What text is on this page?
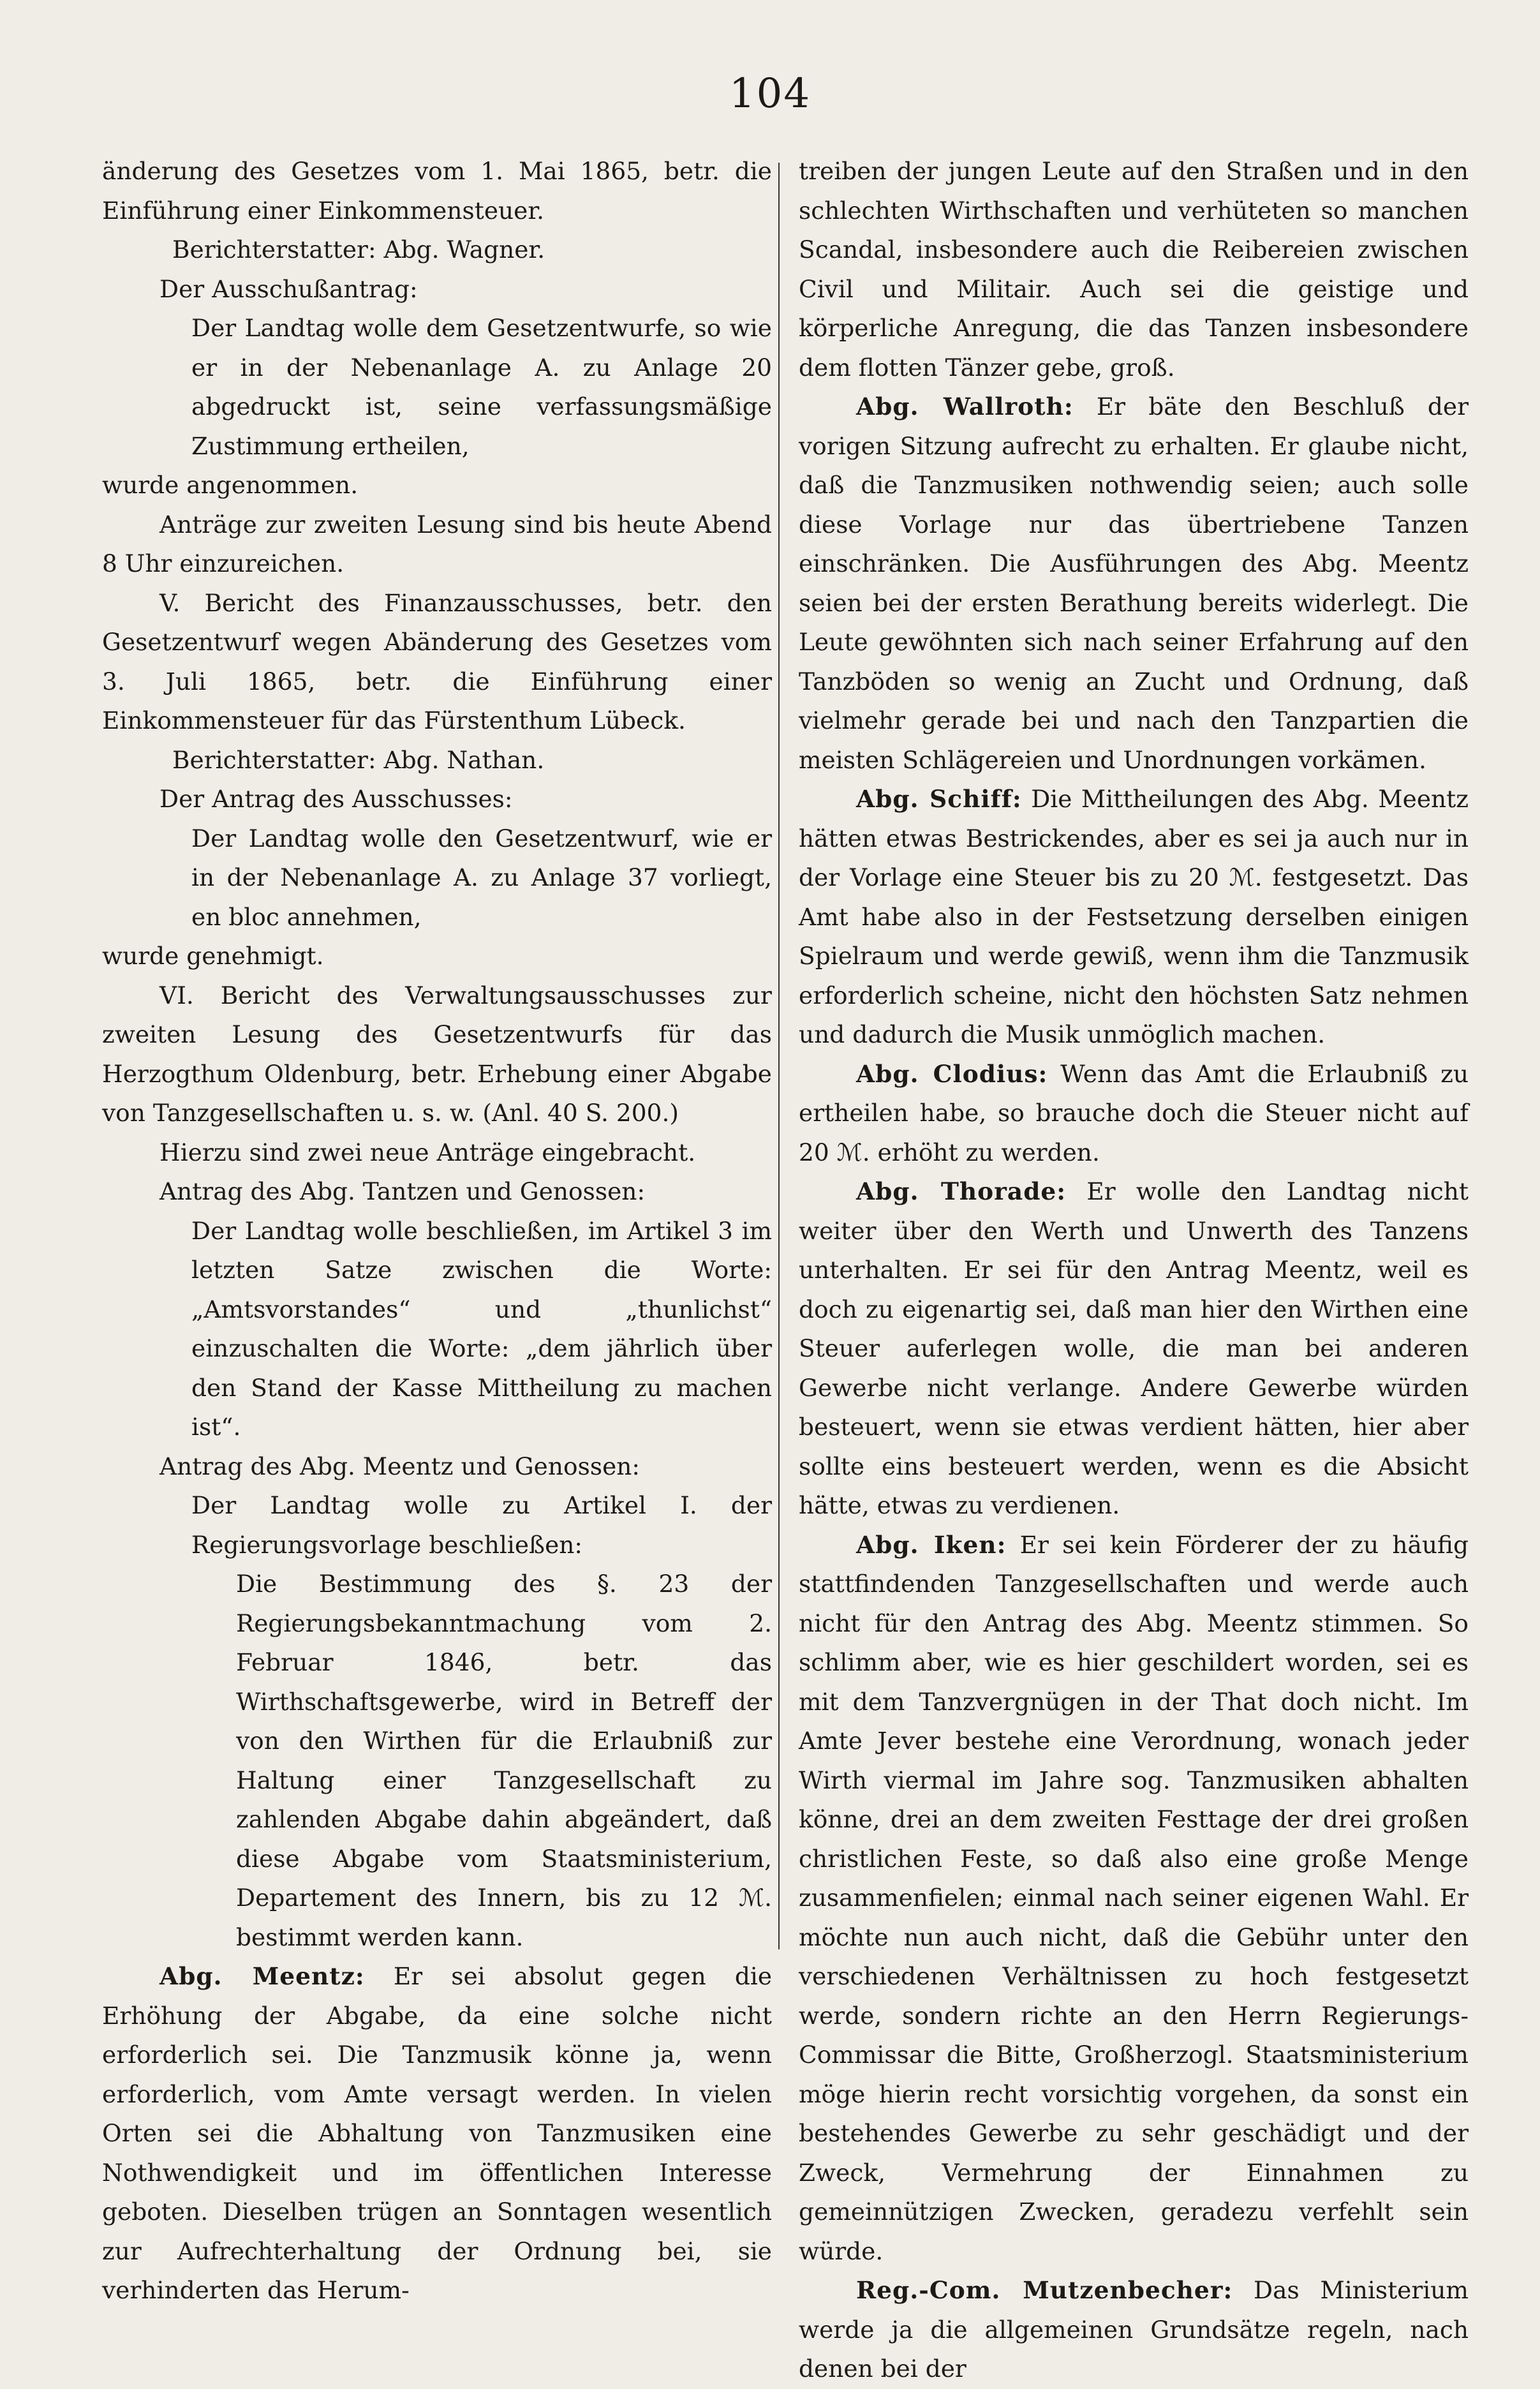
104

änderung des Gesetzes vom 1. Mai 1865, betr. die Einführung einer Einkommensteuer.

Berichterstatter: Abg. Wagner.

Der Ausschußantrag:

Der Landtag wolle dem Gesetzentwurfe, so wie er in der Nebenanlage A. zu Anlage 20 abgedruckt ist, seine verfassungsmäßige Zustimmung ertheilen,

wurde angenommen.

Anträge zur zweiten Lesung sind bis heute Abend 8 Uhr einzureichen.

V. Bericht des Finanzausschusses, betr. den Gesetzentwurf wegen Abänderung des Gesetzes vom 3. Juli 1865, betr. die Einführung einer Einkommensteuer für das Fürstenthum Lübeck.

Berichterstatter: Abg. Nathan.

Der Antrag des Ausschusses:

Der Landtag wolle den Gesetzentwurf, wie er in der Nebenanlage A. zu Anlage 37 vorliegt, en bloc annehmen,

wurde genehmigt.

VI. Bericht des Verwaltungsausschusses zur zweiten Lesung des Gesetzentwurfs für das Herzogthum Oldenburg, betr. Erhebung einer Abgabe von Tanzgesellschaften u. s. w. (Anl. 40 S. 200.)

Hierzu sind zwei neue Anträge eingebracht.

Antrag des Abg. Tantzen und Genossen:

Der Landtag wolle beschließen, im Artikel 3 im letzten Satze zwischen die Worte: „Amtsvorstandes“ und „thunlichst“ einzuschalten die Worte: „dem jährlich über den Stand der Kasse Mittheilung zu machen ist“.

Antrag des Abg. Meentz und Genossen:

Der Landtag wolle zu Artikel I. der Regierungsvorlage beschließen:

Die Bestimmung des §. 23 der Regierungsbekanntmachung vom 2. Februar 1846, betr. das Wirthschaftsgewerbe, wird in Betreff der von den Wirthen für die Erlaubniß zur Haltung einer Tanzgesellschaft zu zahlenden Abgabe dahin abgeändert, daß diese Abgabe vom Staatsministerium, Departement des Innern, bis zu 12 ℳ. bestimmt werden kann.

Abg. Meentz: Er sei absolut gegen die Erhöhung der Abgabe, da eine solche nicht erforderlich sei. Die Tanzmusik könne ja, wenn erforderlich, vom Amte versagt werden. In vielen Orten sei die Abhaltung von Tanzmusiken eine Nothwendigkeit und im öffentlichen Interesse geboten. Dieselben trügen an Sonntagen wesentlich zur Aufrechterhaltung der Ordnung bei, sie verhinderten das Herum-

treiben der jungen Leute auf den Straßen und in den schlechten Wirthschaften und verhüteten so manchen Scandal, insbesondere auch die Reibereien zwischen Civil und Militair. Auch sei die geistige und körperliche Anregung, die das Tanzen insbesondere dem flotten Tänzer gebe, groß.

Abg. Wallroth: Er bäte den Beschluß der vorigen Sitzung aufrecht zu erhalten. Er glaube nicht, daß die Tanzmusiken nothwendig seien; auch solle diese Vorlage nur das übertriebene Tanzen einschränken. Die Ausführungen des Abg. Meentz seien bei der ersten Berathung bereits widerlegt. Die Leute gewöhnten sich nach seiner Erfahrung auf den Tanzböden so wenig an Zucht und Ordnung, daß vielmehr gerade bei und nach den Tanzpartien die meisten Schlägereien und Unordnungen vorkämen.

Abg. Schiff: Die Mittheilungen des Abg. Meentz hätten etwas Bestrickendes, aber es sei ja auch nur in der Vorlage eine Steuer bis zu 20 ℳ. festgesetzt. Das Amt habe also in der Festsetzung derselben einigen Spielraum und werde gewiß, wenn ihm die Tanzmusik erforderlich scheine, nicht den höchsten Satz nehmen und dadurch die Musik unmöglich machen.

Abg. Clodius: Wenn das Amt die Erlaubniß zu ertheilen habe, so brauche doch die Steuer nicht auf 20 ℳ. erhöht zu werden.

Abg. Thorade: Er wolle den Landtag nicht weiter über den Werth und Unwerth des Tanzens unterhalten. Er sei für den Antrag Meentz, weil es doch zu eigenartig sei, daß man hier den Wirthen eine Steuer auferlegen wolle, die man bei anderen Gewerbe nicht verlange. Andere Gewerbe würden besteuert, wenn sie etwas verdient hätten, hier aber sollte eins besteuert werden, wenn es die Absicht hätte, etwas zu verdienen.

Abg. Iken: Er sei kein Förderer der zu häufig stattfindenden Tanzgesellschaften und werde auch nicht für den Antrag des Abg. Meentz stimmen. So schlimm aber, wie es hier geschildert worden, sei es mit dem Tanzvergnügen in der That doch nicht. Im Amte Jever bestehe eine Verordnung, wonach jeder Wirth viermal im Jahre sog. Tanzmusiken abhalten könne, drei an dem zweiten Festtage der drei großen christlichen Feste, so daß also eine große Menge zusammenfielen; einmal nach seiner eigenen Wahl. Er möchte nun auch nicht, daß die Gebühr unter den verschiedenen Verhältnissen zu hoch festgesetzt werde, sondern richte an den Herrn Regierungs-Commissar die Bitte, Großherzogl. Staatsministerium möge hierin recht vorsichtig vorgehen, da sonst ein bestehendes Gewerbe zu sehr geschädigt und der Zweck, Vermehrung der Einnahmen zu gemeinnützigen Zwecken, geradezu verfehlt sein würde.

Reg.-Com. Mutzenbecher: Das Ministerium werde ja die allgemeinen Grundsätze regeln, nach denen bei der
